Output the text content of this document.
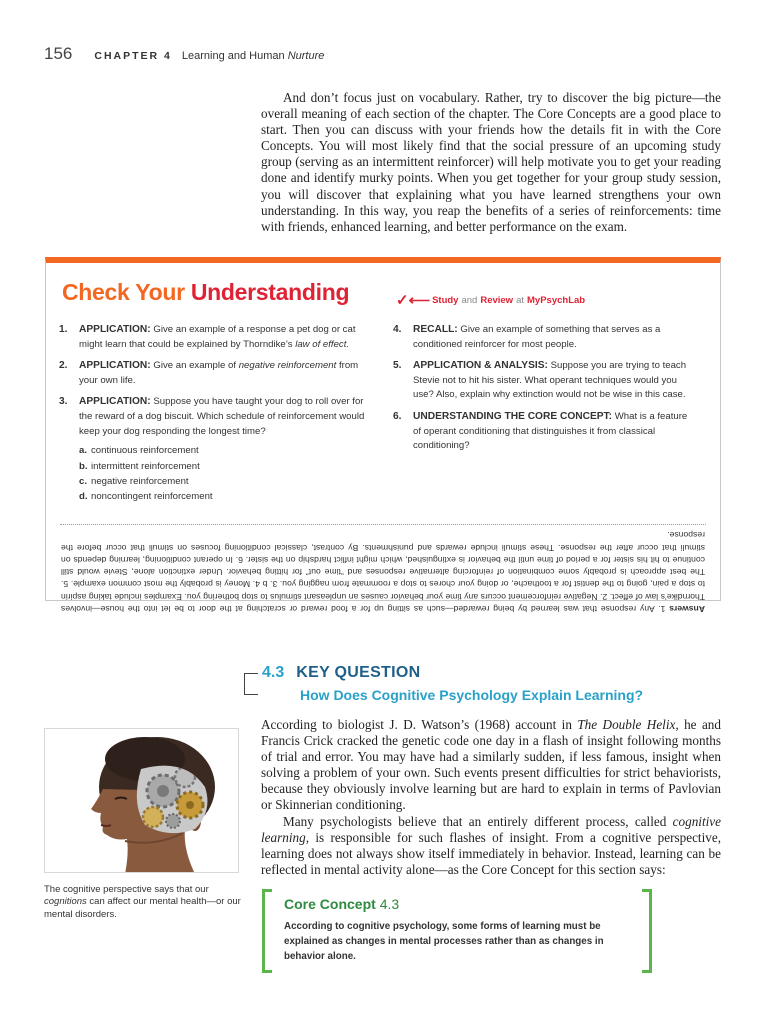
156 CHAPTER 4 Learning and Human Nurture

And don’t focus just on vocabulary. Rather, try to discover the big picture—the overall meaning of each section of the chapter. The Core Concepts are a good place to start. Then you can discuss with your friends how the details fit in with the Core Concepts. You will most likely find that the social pressure of an upcoming study group (serving as an intermittent reinforcer) will help motivate you to get your reading done and identify murky points. When you get together for your group study session, you will discover that explaining what you have learned strengthens your own understanding. In this way, you reap the benefits of a series of reinforcements: time with friends, enhanced learning, and better performance on the exam.

Check Your Understanding	✓⟵ Study and Review at MyPsychLab
1.	APPLICATION: Give an example of a response a pet dog or cat might learn that could be explained by Thorndike’s law of effect.
2.	APPLICATION: Give an example of negative reinforcement from your own life.
3.	APPLICATION: Suppose you have taught your dog to roll over for the reward of a dog biscuit. Which schedule of reinforcement would keep your dog responding the longest time?
a. continuous reinforcement
b. intermittent reinforcement
c. negative reinforcement
d. noncontingent reinforcement
4.	RECALL: Give an example of something that serves as a conditioned reinforcer for most people.
5.	APPLICATION & ANALYSIS: Suppose you are trying to teach Stevie not to hit his sister. What operant techniques would you use? Also, explain why extinction would not be wise in this case.
6.	UNDERSTANDING THE CORE CONCEPT: What is a feature of operant conditioning that distinguishes it from classical conditioning?
Answers 1. Any response that was learned by being rewarded—such as sitting up for a food reward or scratching at the door to be let into the house—involves Thorndike’s law of effect. 2. Negative reinforcement occurs any time your behavior causes an unpleasant stimulus to stop bothering you. Examples include taking aspirin to stop a pain, going to the dentist for a toothache, or doing your chores to stop a roommate from nagging you. 3. b 4. Money is probably the most common example. 5. The best approach is probably some combination of reinforcing alternative responses and “time out” for hitting behavior. Under extinction alone, Stevie would still continue to hit his sister for a period of time until the behavior is extinguished, which might inflict hardship on the sister. 6. In operant conditioning, learning depends on stimuli that occur after the response. These stimuli include rewards and punishments. By contrast, classical conditioning focuses on stimuli that occur before the response.
4.3 KEY QUESTION
How Does Cognitive Psychology Explain Learning?

According to biologist J. D. Watson’s (1968) account in The Double Helix, he and Francis Crick cracked the genetic code one day in a flash of insight following months of trial and error. You may have had a similarly sudden, if less famous, insight when solving a problem of your own. Such events present difficulties for strict behaviorists, because they obviously involve learning but are hard to explain in terms of Pavlovian or Skinnerian conditioning.

Many psychologists believe that an entirely different process, called cognitive learning, is responsible for such flashes of insight. From a cognitive perspective, learning does not always show itself immediately in behavior. Instead, learning can be reflected in mental activity alone—as the Core Concept for this section says:

The cognitive perspective says that our cognitions can affect our mental health—or our mental disorders.
Core Concept 4.3
According to cognitive psychology, some forms of learning must be explained as changes in mental processes rather than as changes in behavior alone.
